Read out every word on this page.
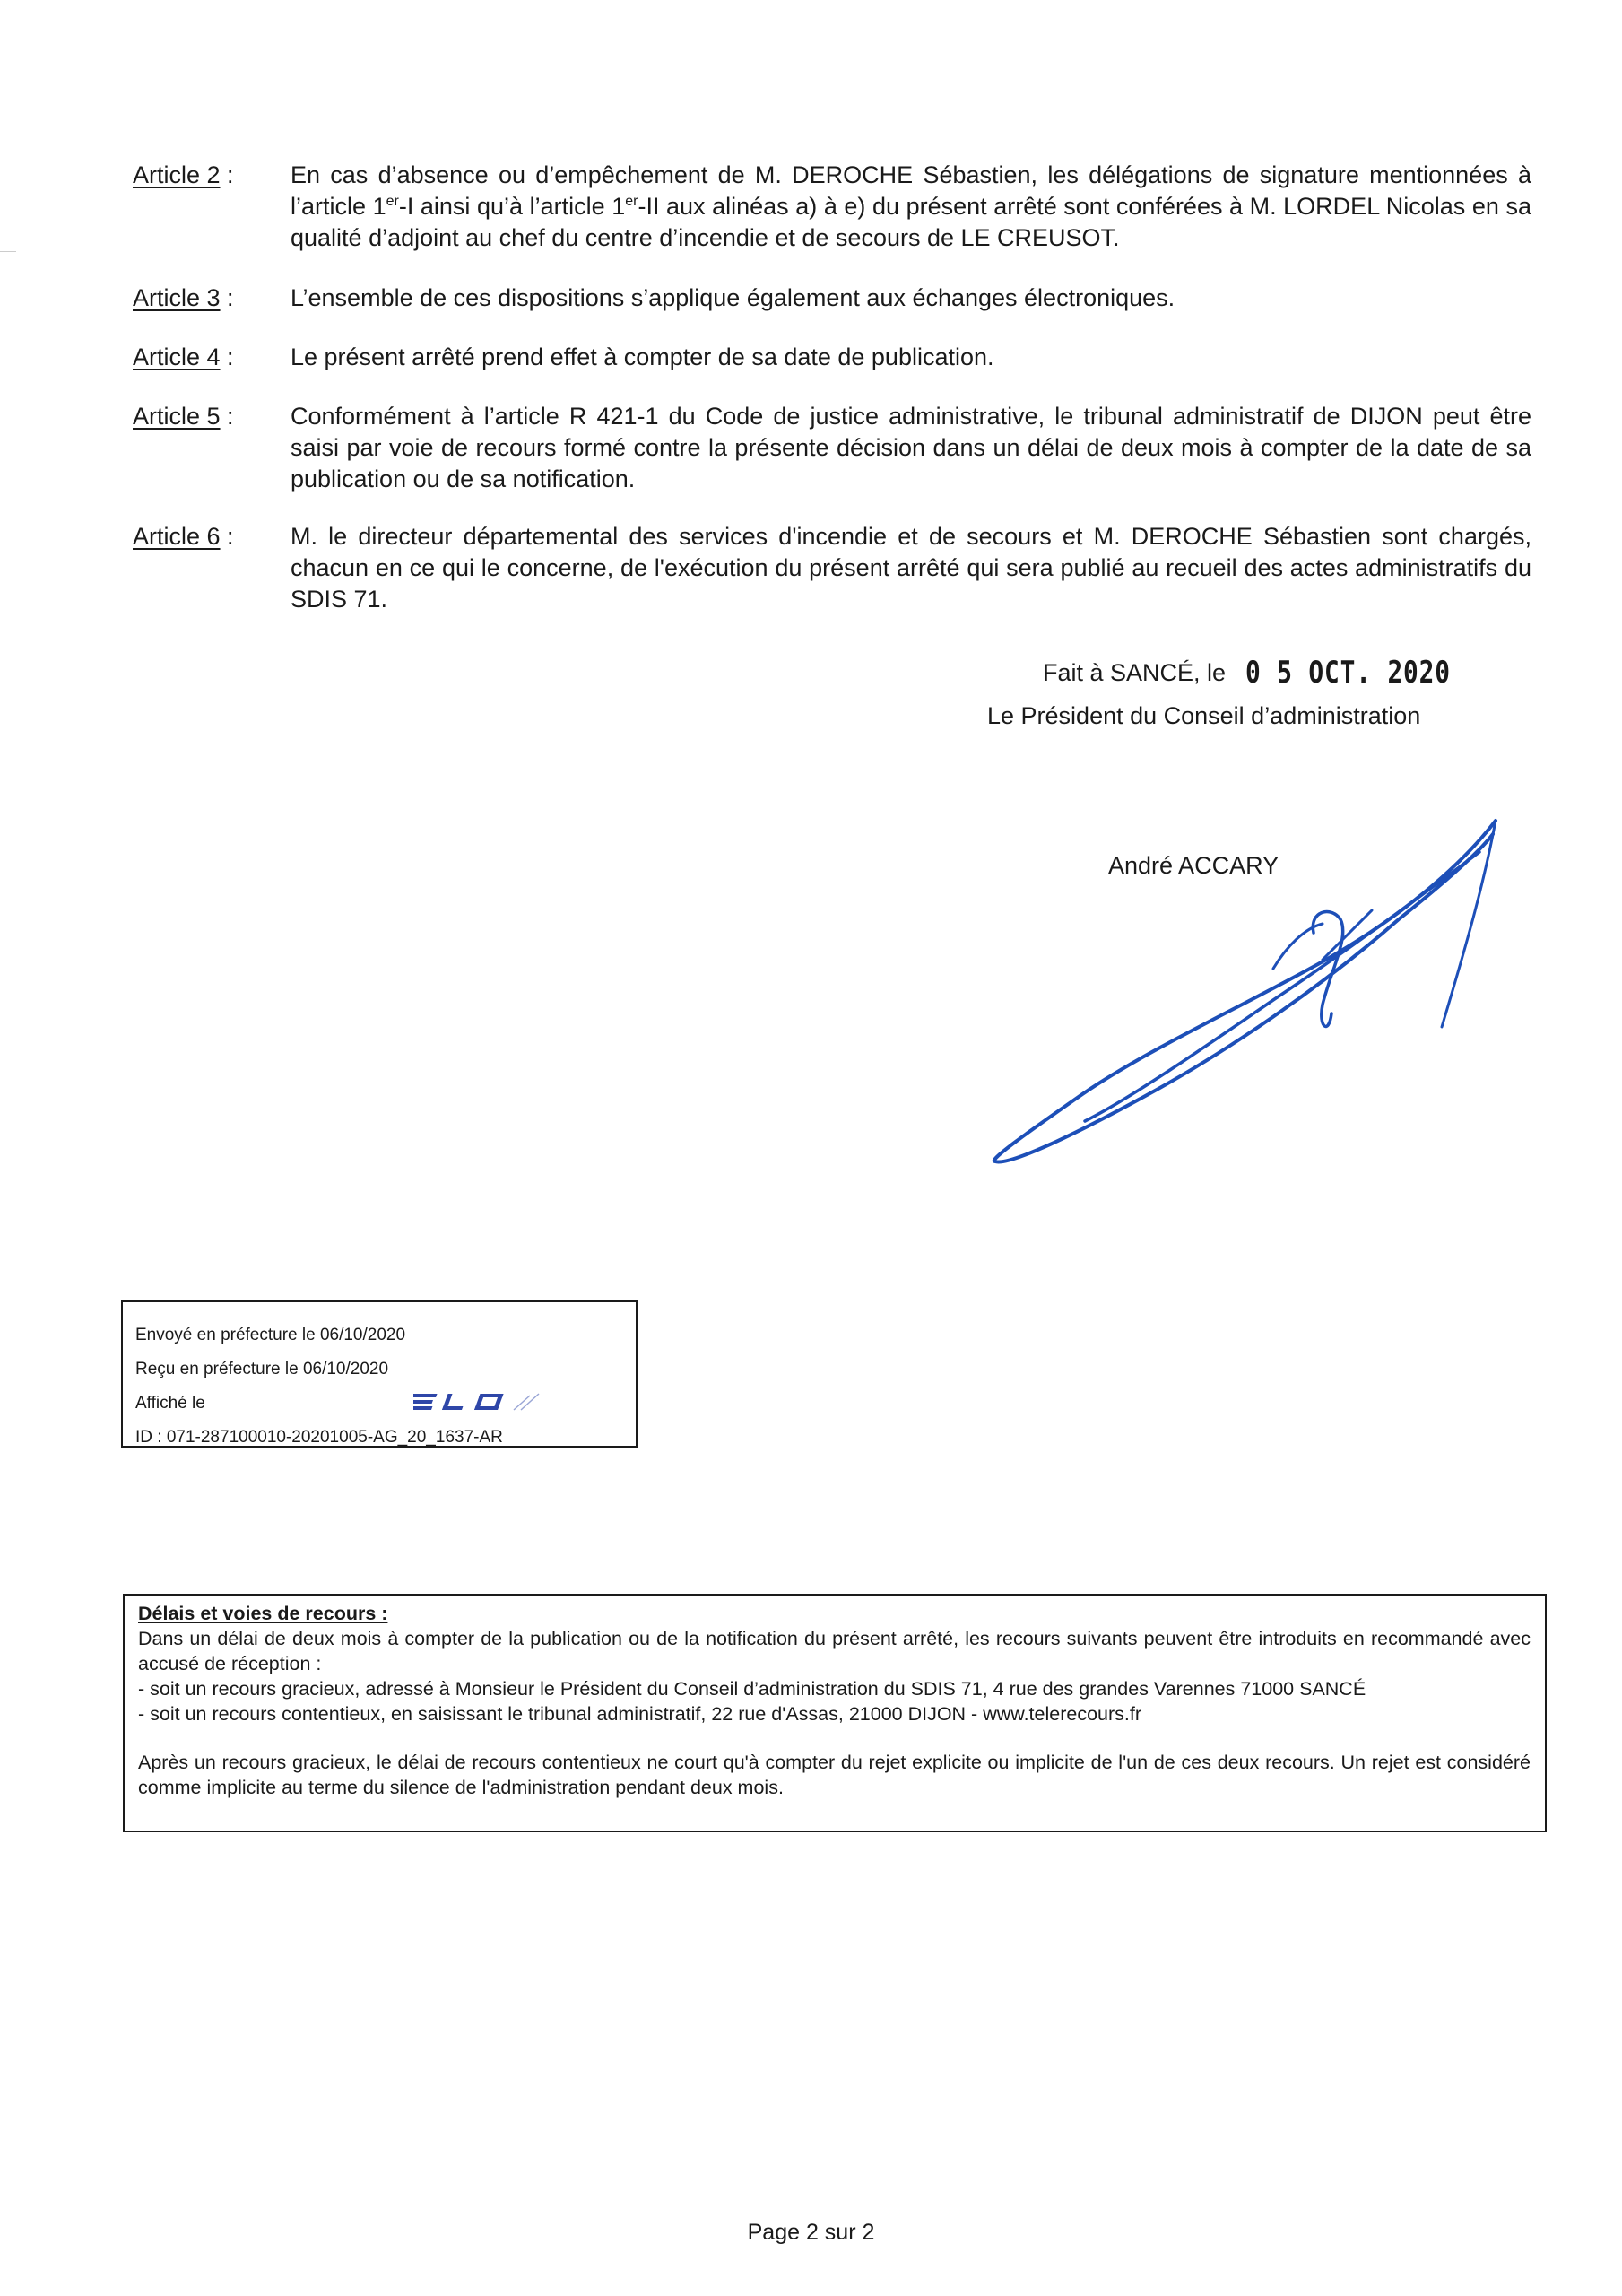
Article 2 :	En cas d’absence ou d’empêchement de M. DEROCHE Sébastien, les délégations de signature mentionnées à l’article 1er-I ainsi qu’à l’article 1er-II aux alinéas a) à e) du présent arrêté sont conférées à M. LORDEL Nicolas en sa qualité d’adjoint au chef du centre d’incendie et de secours de LE CREUSOT.
Article 3 :	L’ensemble de ces dispositions s’applique également aux échanges électroniques.
Article 4 :	Le présent arrêté prend effet à compter de sa date de publication.
Article 5 :	Conformément à l’article R 421-1 du Code de justice administrative, le tribunal administratif de DIJON peut être saisi par voie de recours formé contre la présente décision dans un délai de deux mois à compter de la date de sa publication ou de sa notification.
Article 6 :	M. le directeur départemental des services d'incendie et de secours et M. DEROCHE Sébastien sont chargés, chacun en ce qui le concerne, de l'exécution du présent arrêté qui sera publié au recueil des actes administratifs du SDIS 71.
Fait à SANCÉ, le 0 5 OCT. 2020
Le Président du Conseil d’administration
André ACCARY
Envoyé en préfecture le 06/10/2020
Reçu en préfecture le 06/10/2020
Affiché le
ID : 071-287100010-20201005-AG_20_1637-AR
Délais et voies de recours :

Dans un délai de deux mois à compter de la publication ou de la notification du présent arrêté, les recours suivants peuvent être introduits en recommandé avec accusé de réception :

- soit un recours gracieux, adressé à Monsieur le Président du Conseil d’administration du SDIS 71, 4 rue des grandes Varennes 71000 SANCÉ

- soit un recours contentieux, en saisissant le tribunal administratif, 22 rue d'Assas, 21000 DIJON - www.telerecours.fr

Après un recours gracieux, le délai de recours contentieux ne court qu'à compter du rejet explicite ou implicite de l'un de ces deux recours. Un rejet est considéré comme implicite au terme du silence de l'administration pendant deux mois.

Page 2 sur 2
